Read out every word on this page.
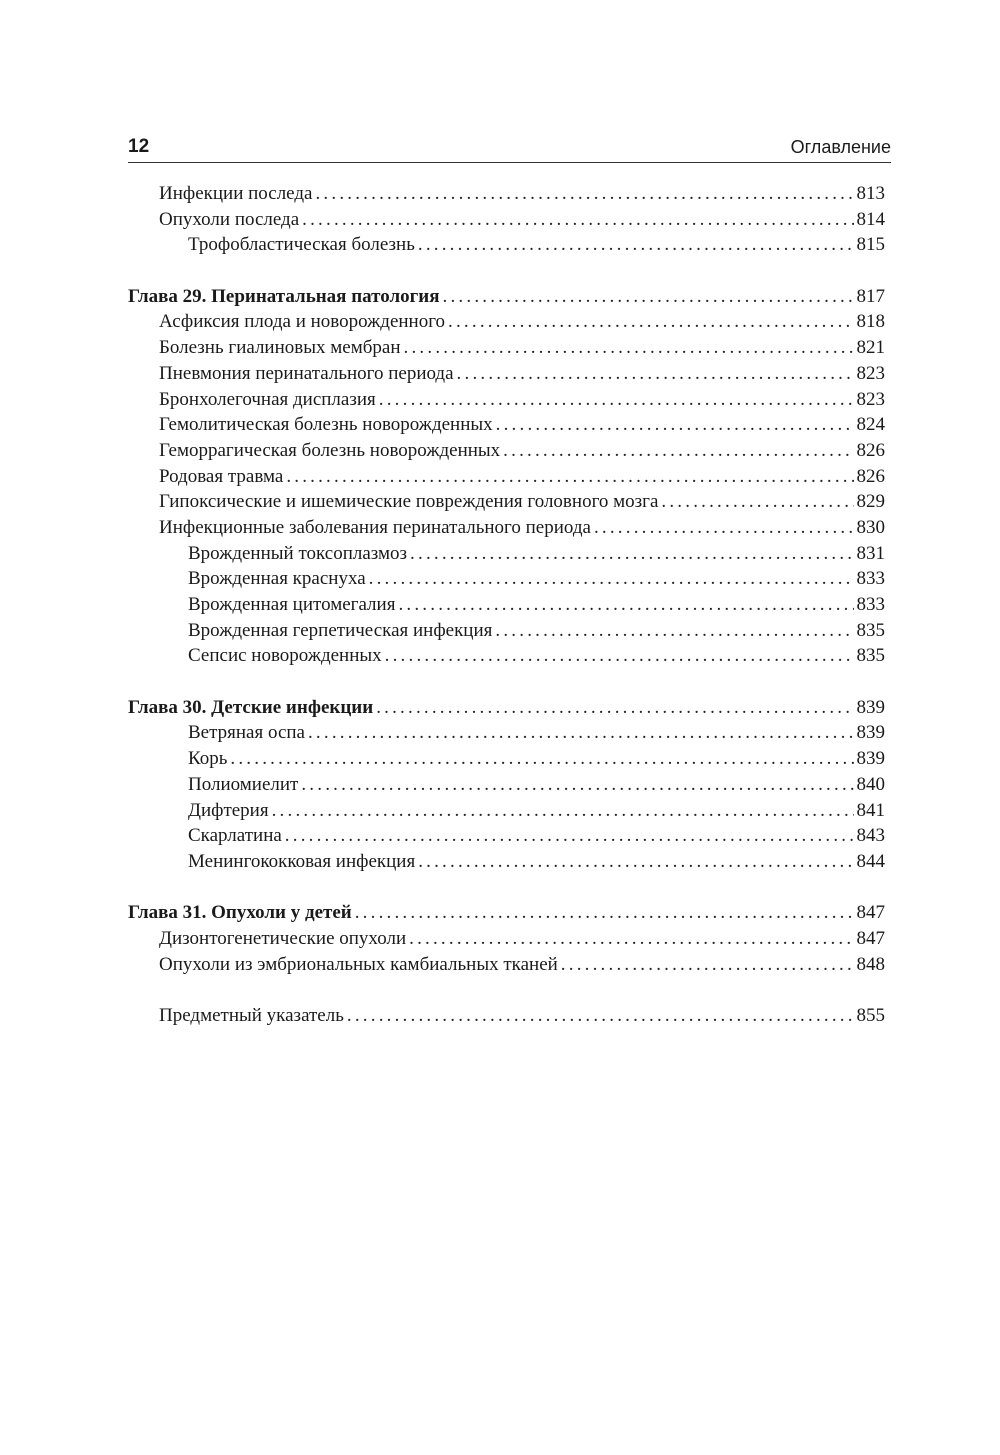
12	Оглавление
Инфекции последа .....	813
Опухоли последа .....	814
Трофобластическая болезнь .....	815
Глава 29. Перинатальная патология .....	817
Асфиксия плода и новорожденного .....	818
Болезнь гиалиновых мембран .....	821
Пневмония перинатального периода .....	823
Бронхолегочная дисплазия .....	823
Гемолитическая болезнь новорожденных .....	824
Геморрагическая болезнь новорожденных .....	826
Родовая травма .....	826
Гипоксические и ишемические повреждения головного мозга .....	829
Инфекционные заболевания перинатального периода .....	830
Врожденный токсоплазмоз .....	831
Врожденная краснуха .....	833
Врожденная цитомегалия .....	833
Врожденная герпетическая инфекция .....	835
Сепсис новорожденных .....	835
Глава 30. Детские инфекции .....	839
Ветряная оспа .....	839
Корь .....	839
Полиомиелит .....	840
Дифтерия .....	841
Скарлатина .....	843
Менингококковая инфекция .....	844
Глава 31. Опухоли у детей .....	847
Дизонтогенетические опухоли .....	847
Опухоли из эмбриональных камбиальных тканей .....	848
Предметный указатель .....	855
